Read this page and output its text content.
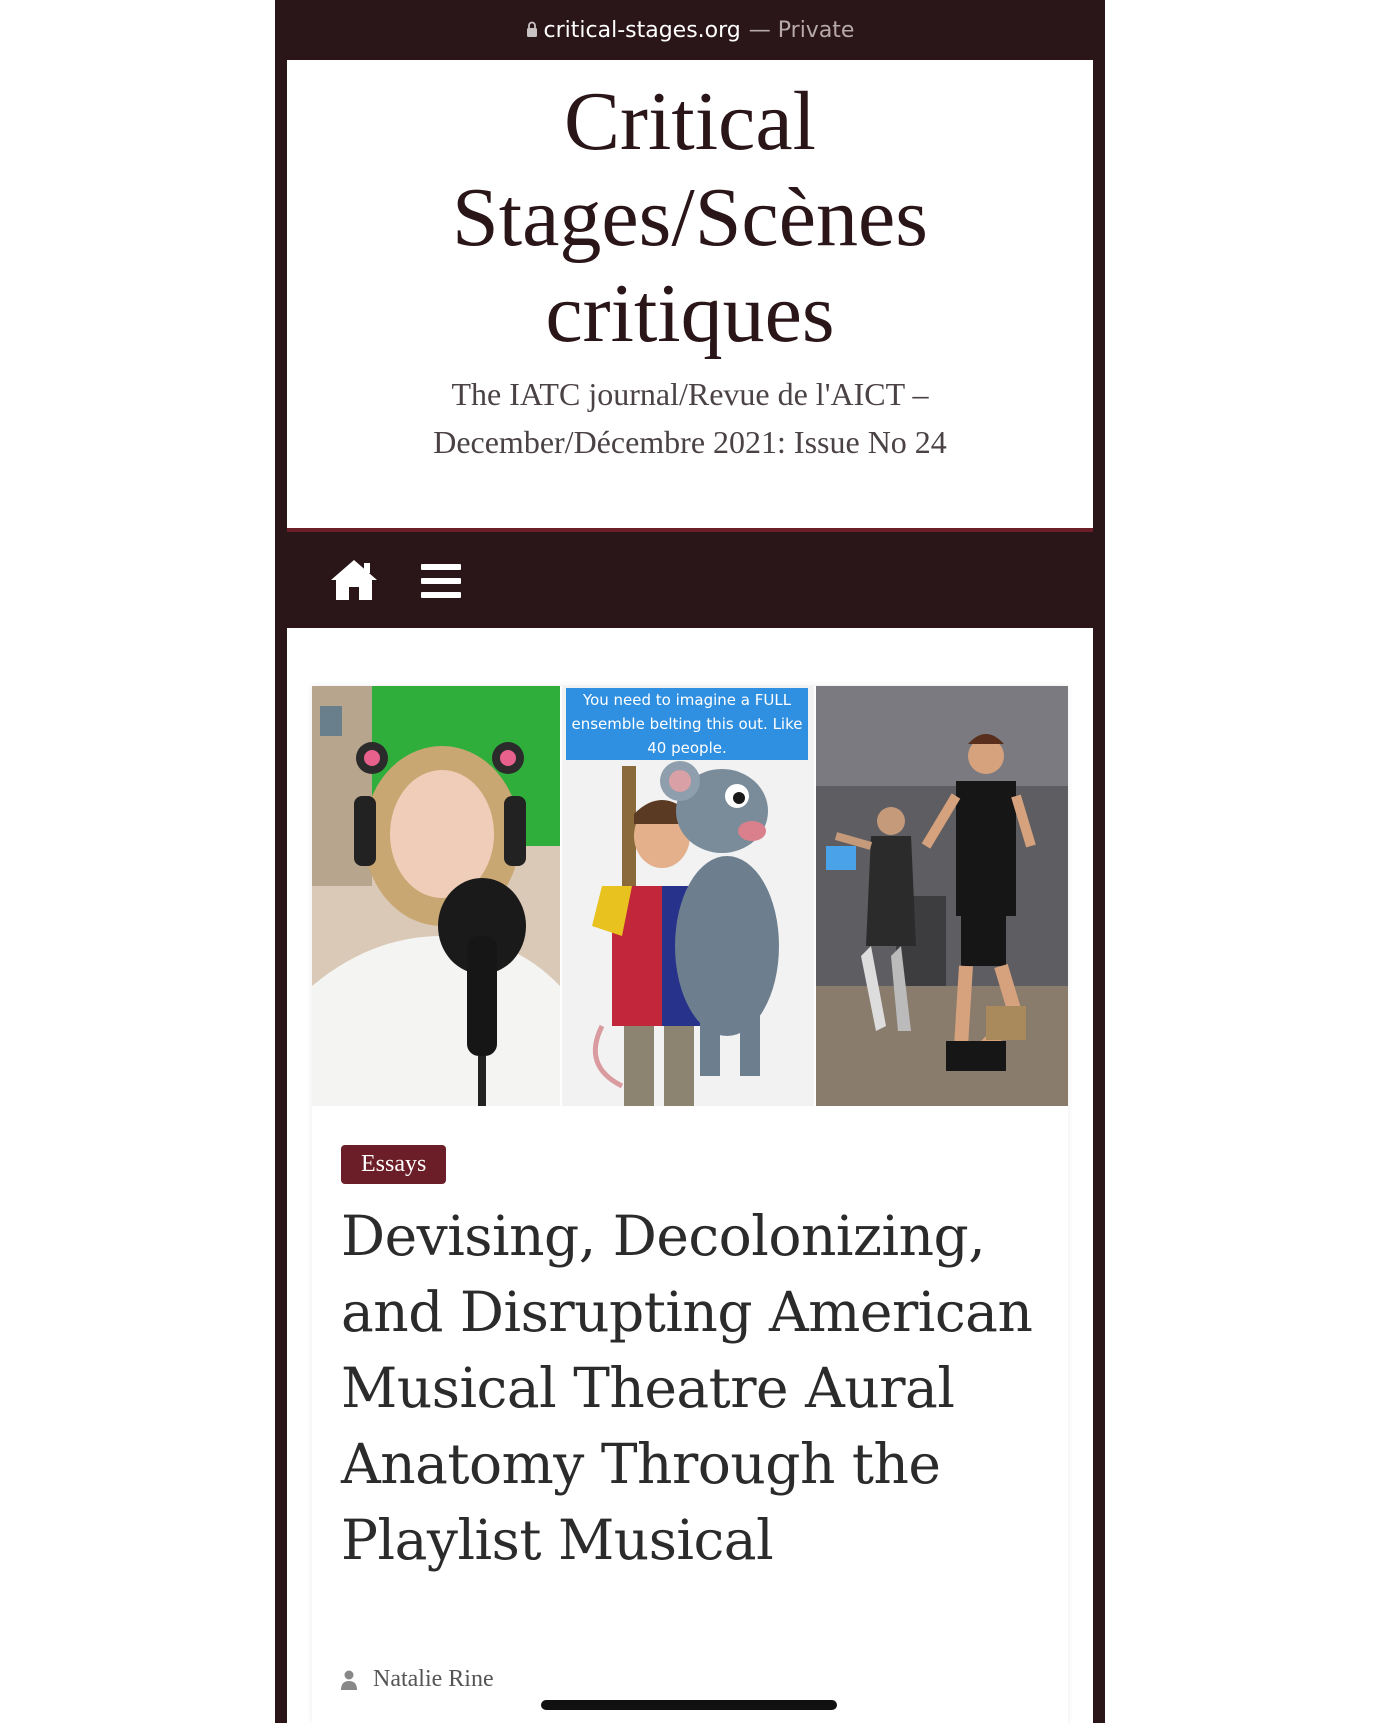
critical-stages.org — Private
Critical Stages/Scènes critiques
The IATC journal/Revue de l'AICT – December/Décembre 2021: Issue No 24
You need to imagine a FULL ensemble belting this out. Like 40 people.
Essays
Devising, Decolonizing, and Disrupting American Musical Theatre Aural Anatomy Through the Playlist Musical
Natalie Rine
